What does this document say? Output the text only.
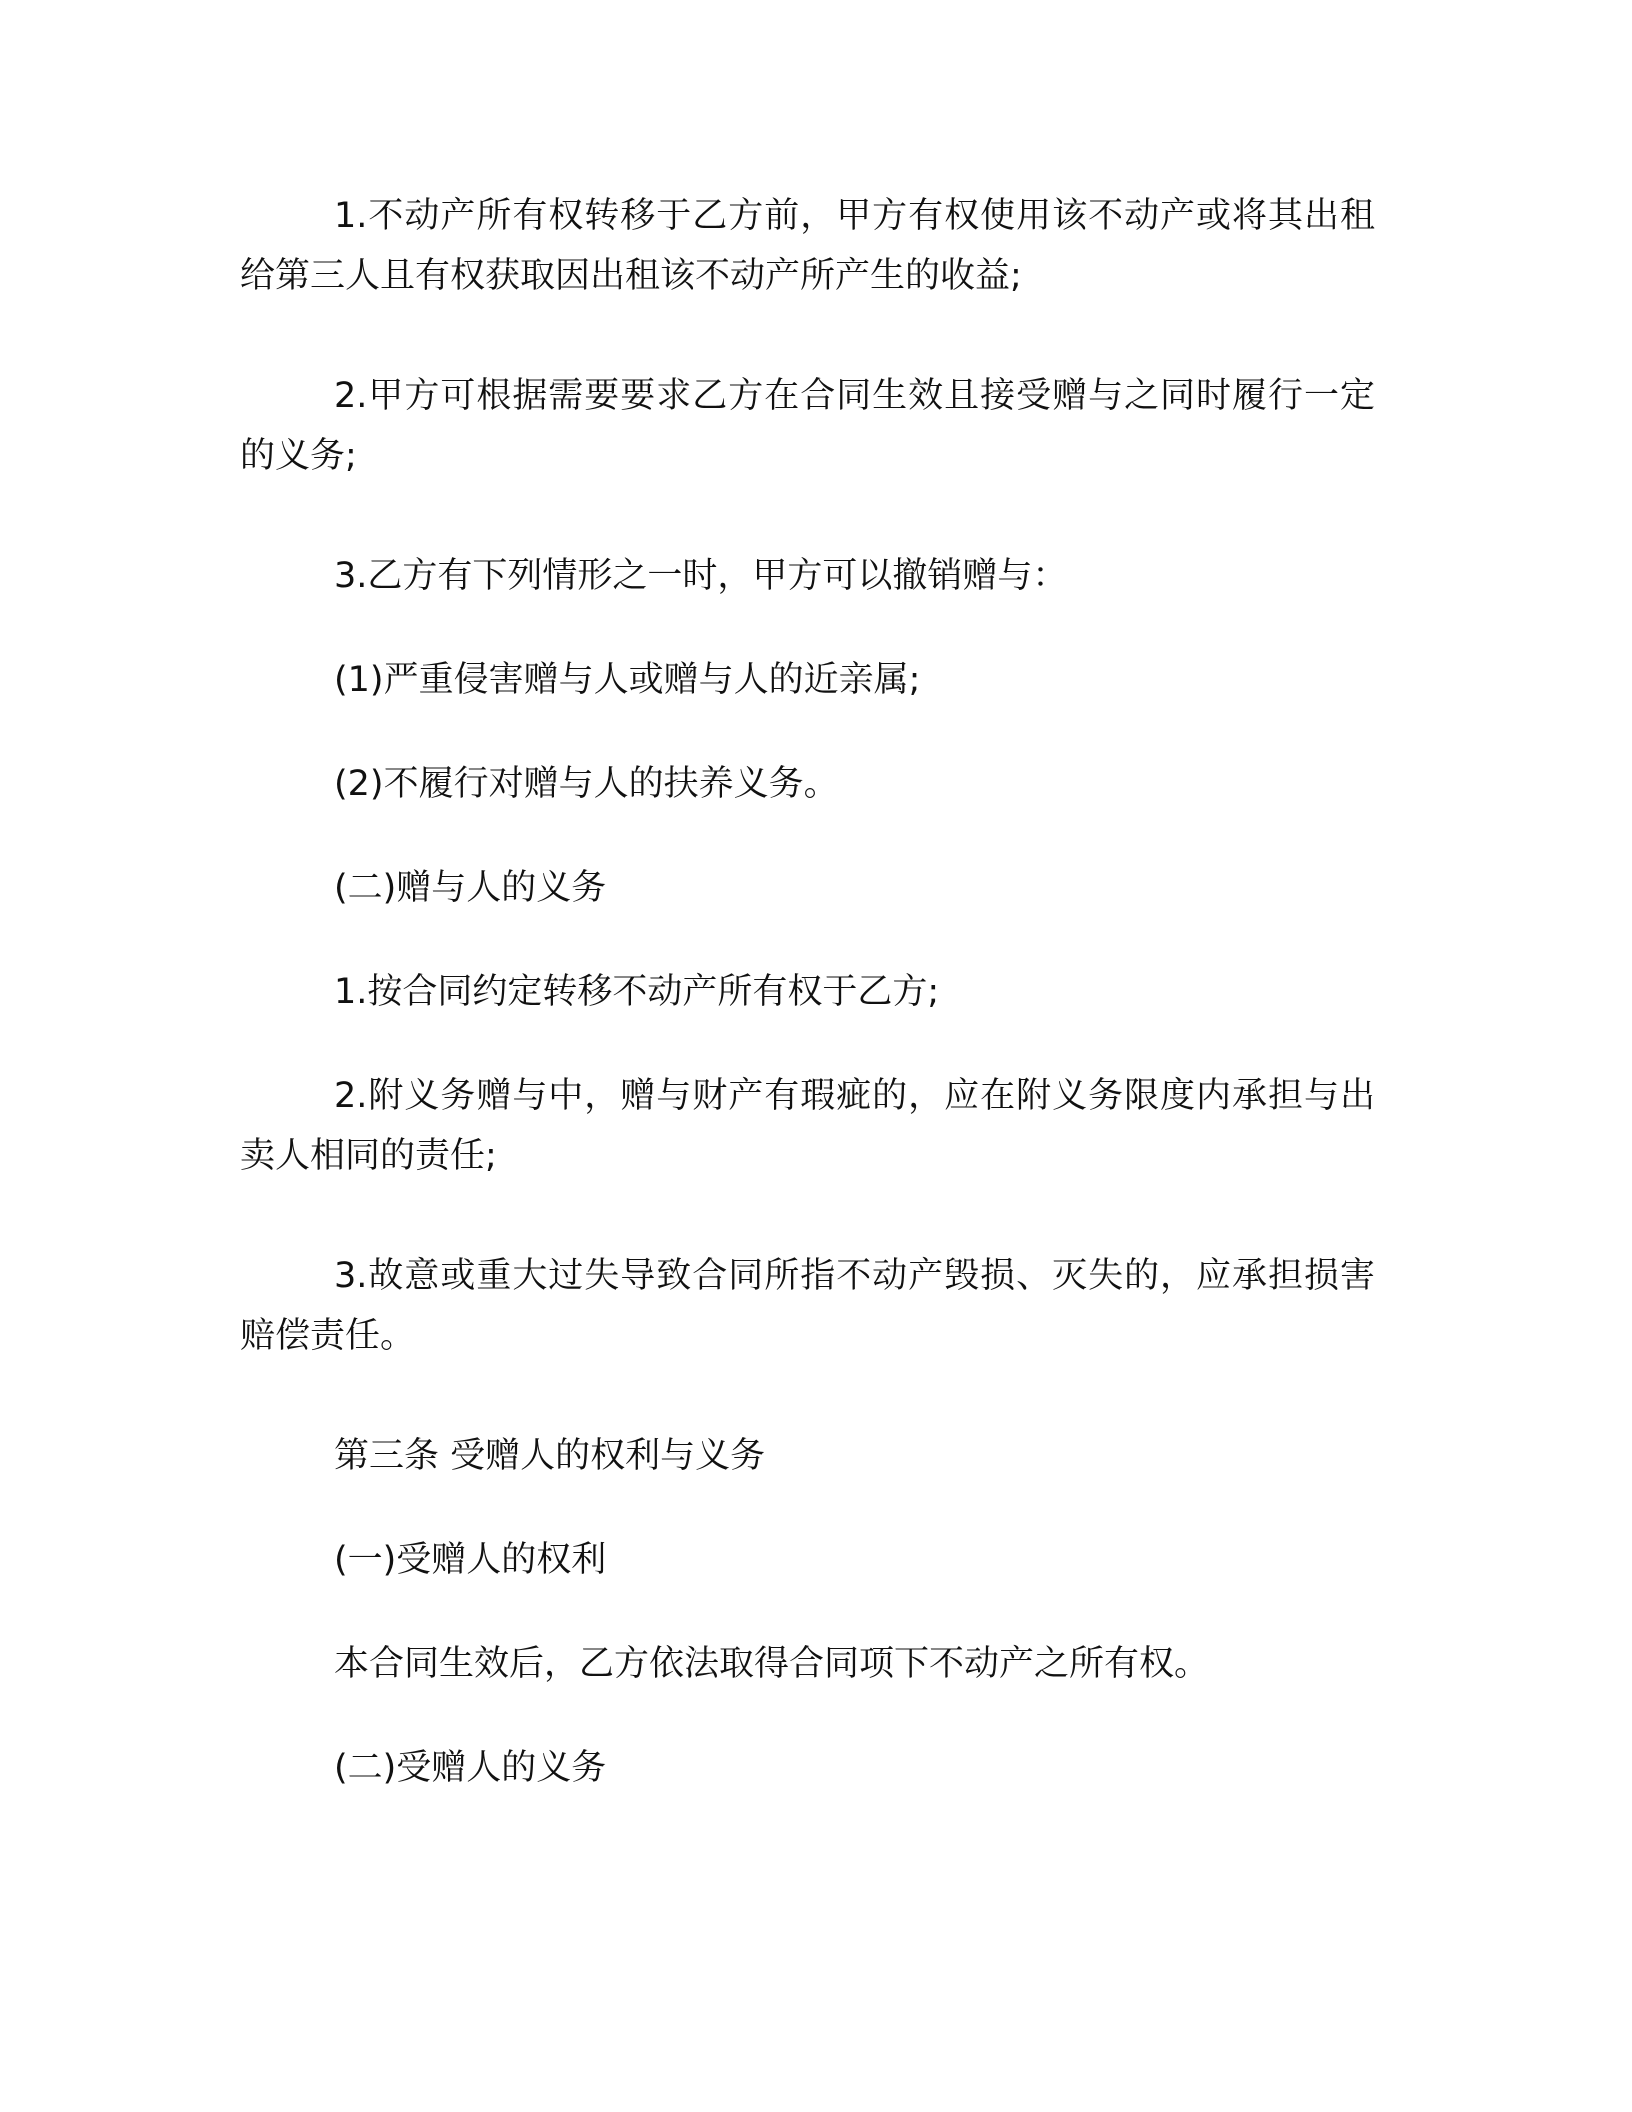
1.不动产所有权转移于乙方前，甲方有权使用该不动产或将其出租给第三人且有权获取因出租该不动产所产生的收益;

2.甲方可根据需要要求乙方在合同生效且接受赠与之同时履行一定的义务;

3.乙方有下列情形之一时，甲方可以撤销赠与：

(1)严重侵害赠与人或赠与人的近亲属;

(2)不履行对赠与人的扶养义务。

(二)赠与人的义务

1.按合同约定转移不动产所有权于乙方;

2.附义务赠与中，赠与财产有瑕疵的，应在附义务限度内承担与出卖人相同的责任;

3.故意或重大过失导致合同所指不动产毁损、灭失的，应承担损害赔偿责任。

第三条 受赠人的权利与义务

(一)受赠人的权利

本合同生效后，乙方依法取得合同项下不动产之所有权。

(二)受赠人的义务
